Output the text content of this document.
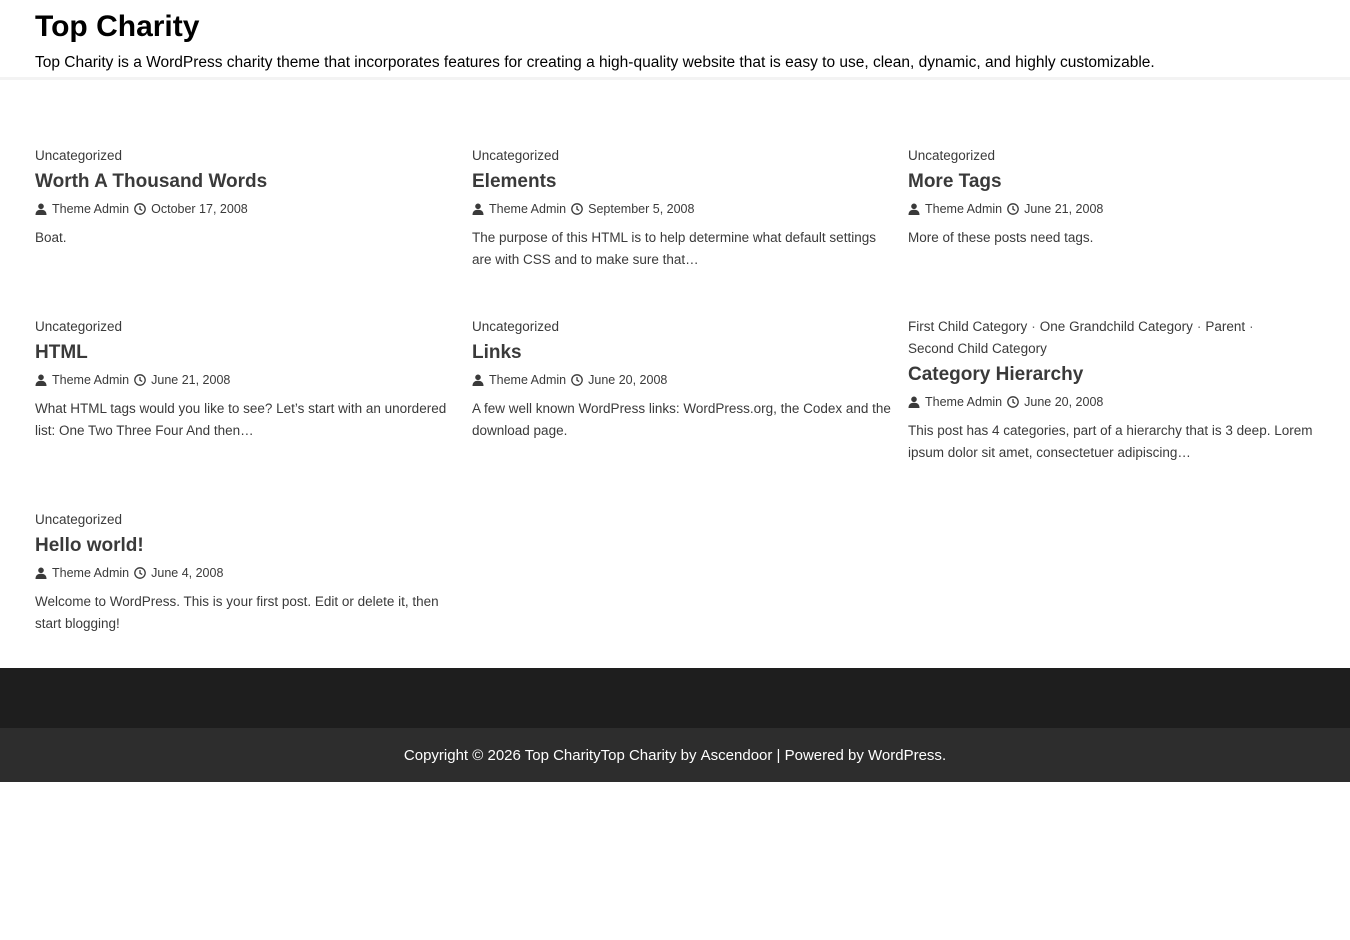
Top Charity

Top Charity is a WordPress charity theme that incorporates features for creating a high-quality website that is easy to use, clean, dynamic, and highly customizable.

Uncategorized
Worth A Thousand Words
Theme Admin October 17, 2008

Boat.

Uncategorized
Elements
Theme Admin September 5, 2008

The purpose of this HTML is to help determine what default settings are with CSS and to make sure that…

Uncategorized
More Tags
Theme Admin June 21, 2008

More of these posts need tags.

Uncategorized
HTML
Theme Admin June 21, 2008

What HTML tags would you like to see? Let’s start with an unordered list: One Two Three Four And then…

Uncategorized
Links
Theme Admin June 20, 2008

A few well known WordPress links: WordPress.org, the Codex and the download page.

First Child Category · One Grandchild Category · Parent ·
Second Child Category
Category Hierarchy
Theme Admin June 20, 2008

This post has 4 categories, part of a hierarchy that is 3 deep. Lorem ipsum dolor sit amet, consectetuer adipiscing…

Uncategorized
Hello world!
Theme Admin June 4, 2008

Welcome to WordPress. This is your first post. Edit or delete it, then start blogging!

Copyright © 2026 Top Charity Top Charity by Ascendoor | Powered by WordPress .
